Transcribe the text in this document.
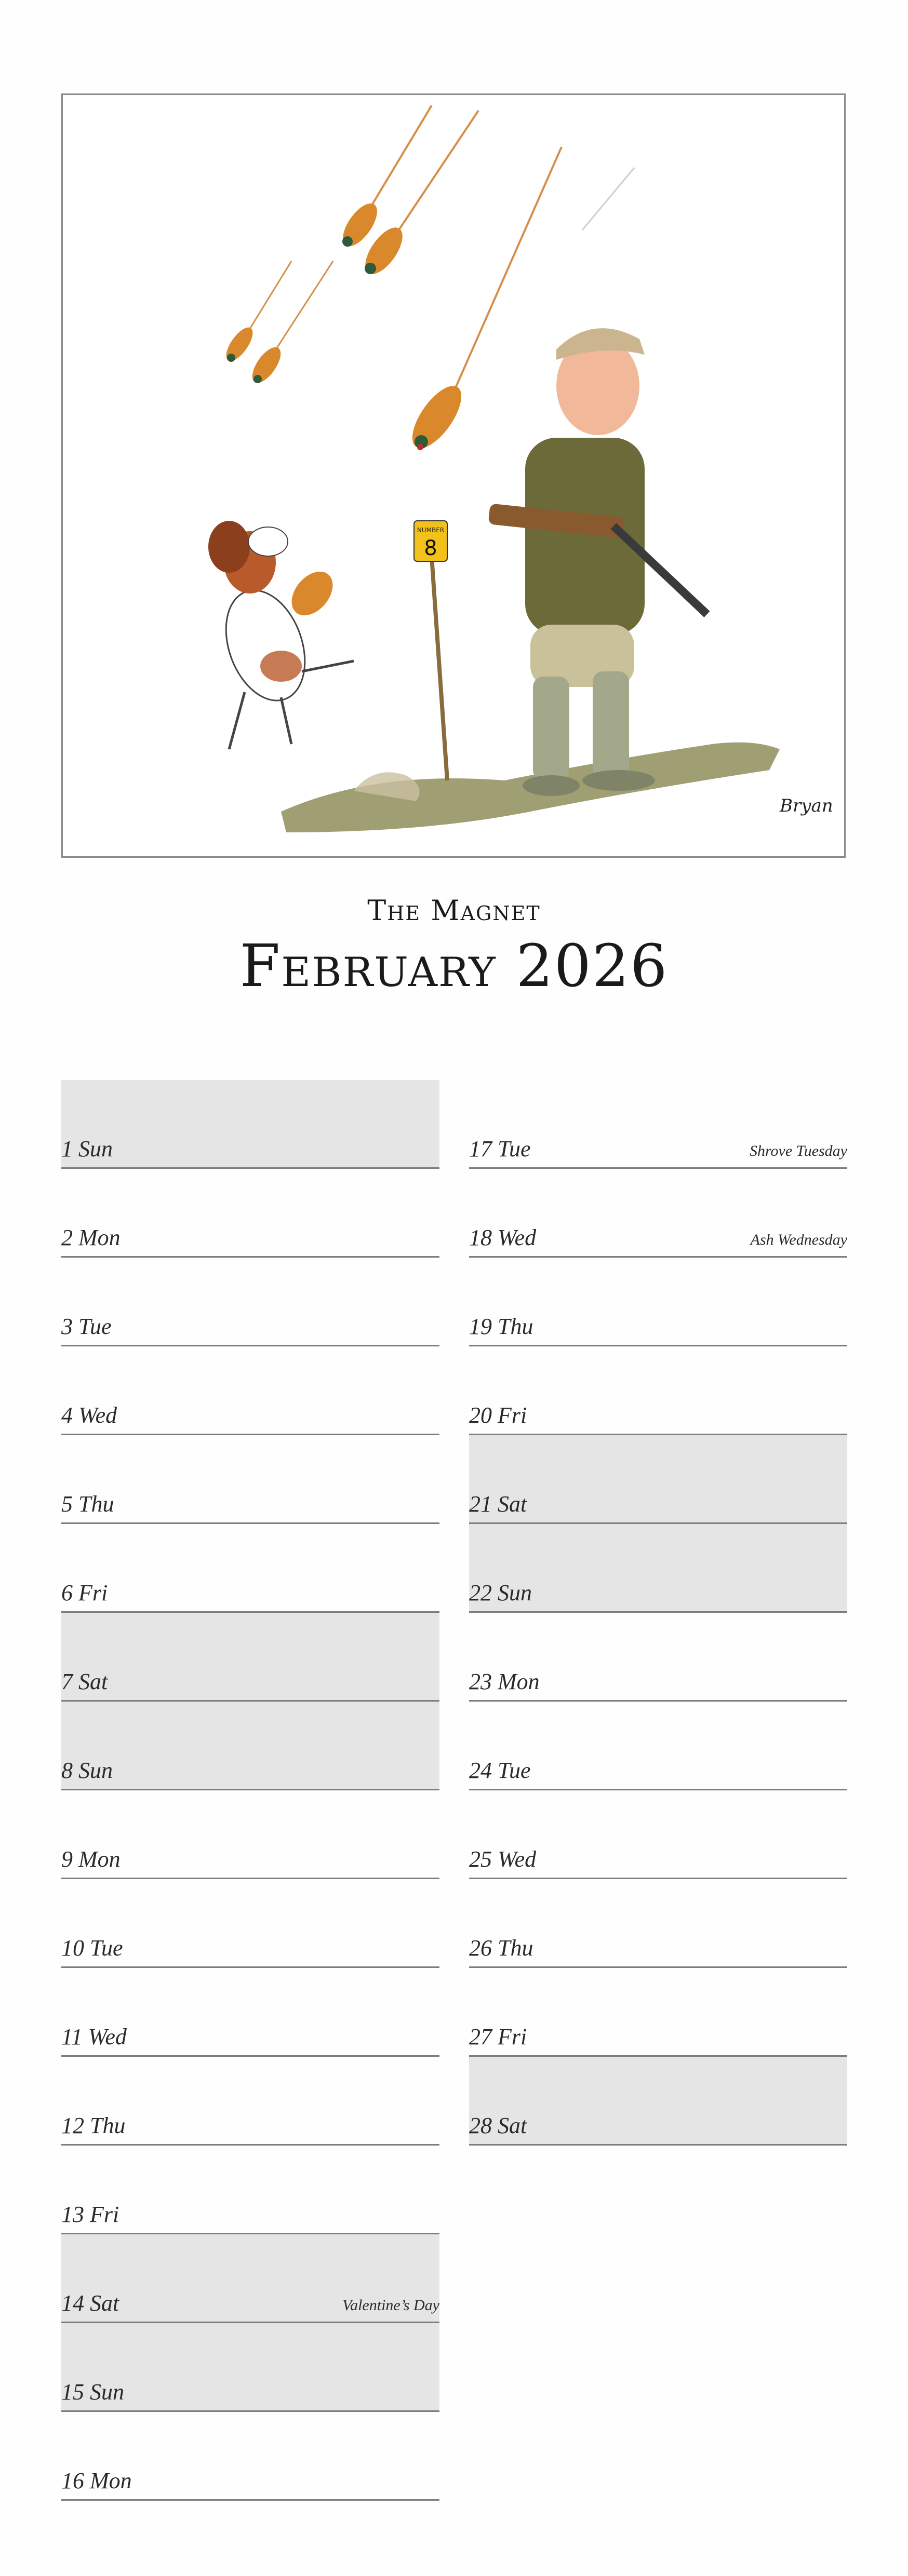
NUMBER
8
Bryan
The Magnet
February 2026
1 Sun
2 Mon
3 Tue
4 Wed
5 Thu
6 Fri
7 Sat
8 Sun
9 Mon
10 Tue
11 Wed
12 Thu
13 Fri
14 Sat	Valentine’s Day
15 Sun
16 Mon
17 Tue	Shrove Tuesday
18 Wed	Ash Wednesday
19 Thu
20 Fri
21 Sat
22 Sun
23 Mon
24 Tue
25 Wed
26 Thu
27 Fri
28 Sat
